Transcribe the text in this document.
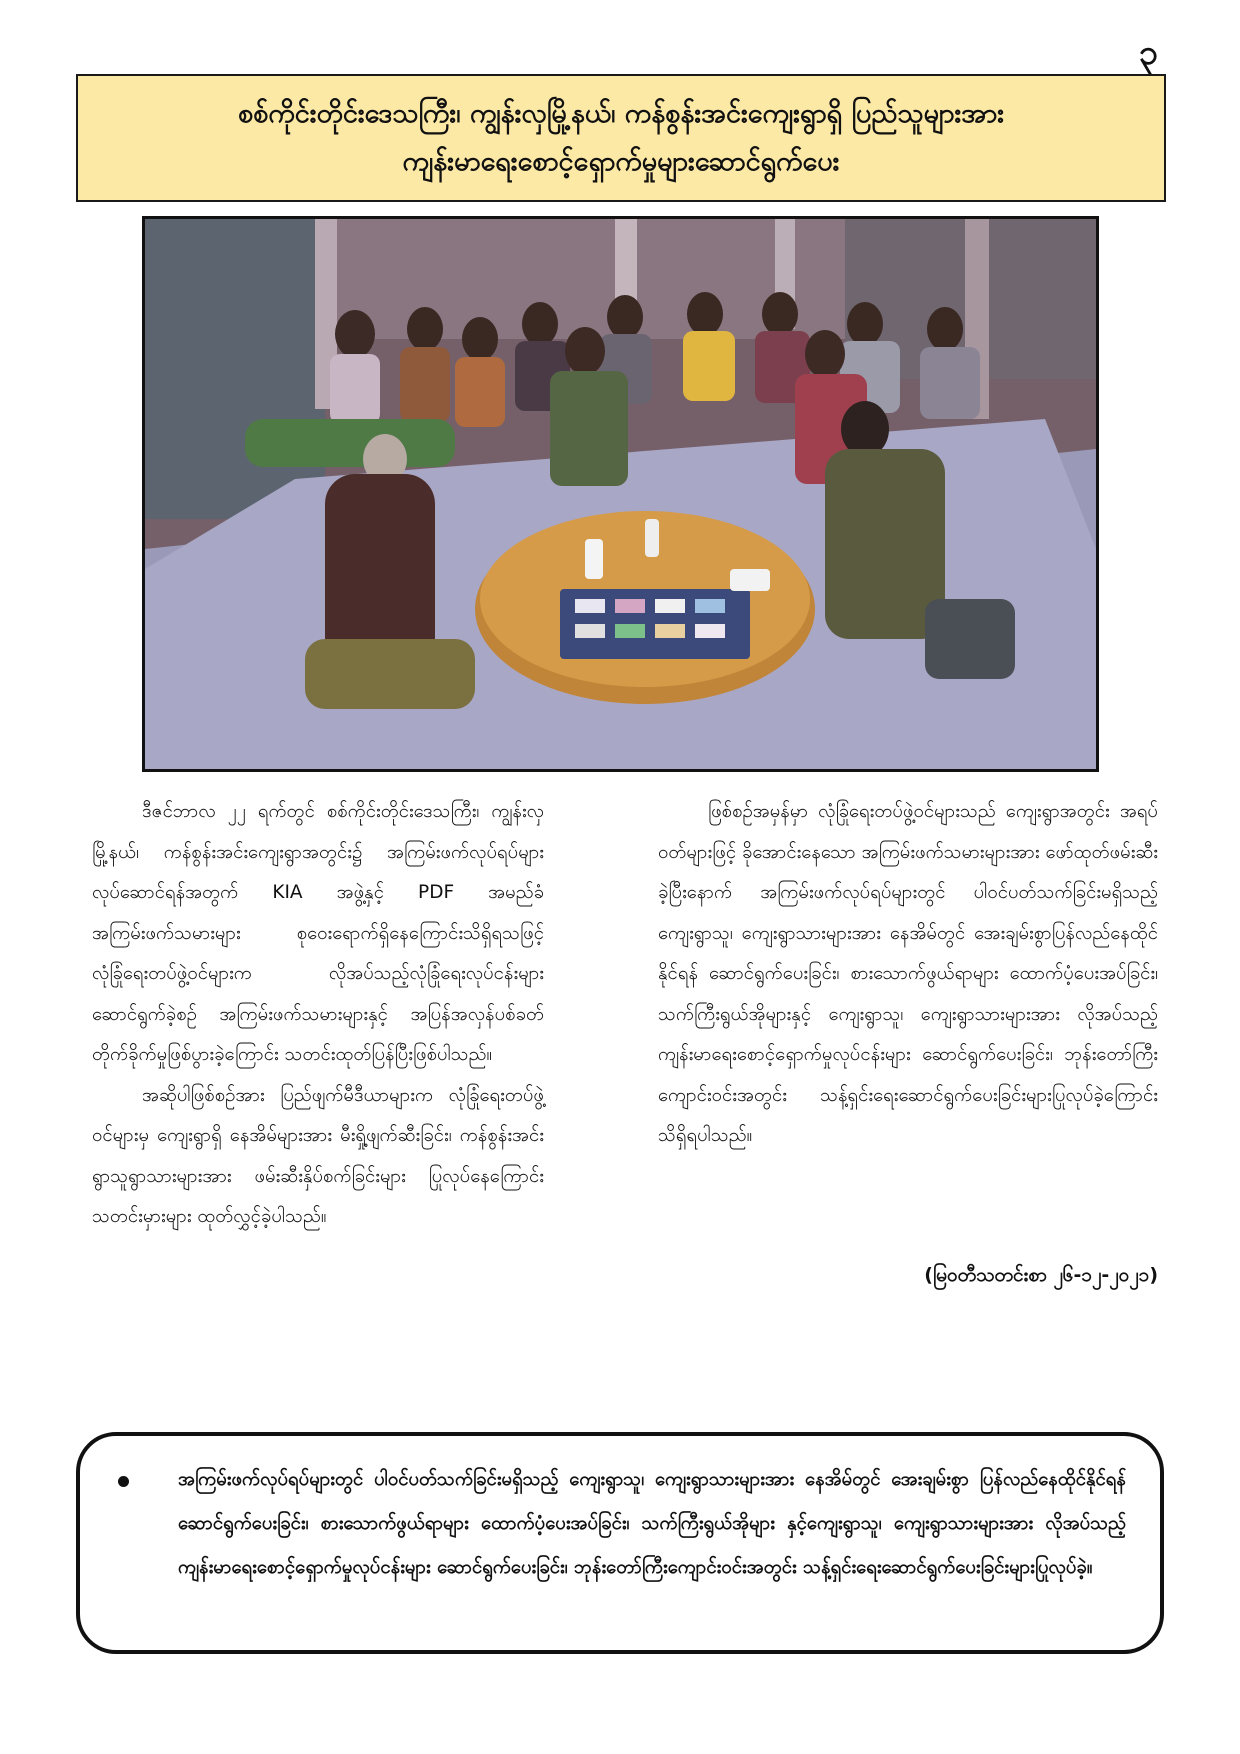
၃
စစ်ကိုင်းတိုင်းဒေသကြီး၊ ကျွန်းလှမြို့နယ်၊ ကန်စွန်းအင်းကျေးရွာရှိ ပြည်သူများအား
ကျန်းမာရေးစောင့်ရှောက်မှုများဆောင်ရွက်ပေး

ဒီဇင်ဘာလ ၂၂ ရက်တွင် စစ်ကိုင်းတိုင်းဒေသကြီး၊ ကျွန်းလှမြို့နယ်၊ ကန်စွန်းအင်းကျေးရွာအတွင်း၌ အကြမ်းဖက်လုပ်ရပ်များလုပ်ဆောင်ရန်အတွက် KIA အဖွဲ့နှင့် PDF အမည်ခံ အကြမ်းဖက်သမားများ စုဝေးရောက်ရှိနေကြောင်းသိရှိရသဖြင့် လုံခြုံရေးတပ်ဖွဲ့ဝင်များက လိုအပ်သည့်လုံခြုံရေးလုပ်ငန်းများ ဆောင်ရွက်ခဲ့စဉ် အကြမ်းဖက်သမားများနှင့် အပြန်အလှန်ပစ်ခတ်တိုက်ခိုက်မှုဖြစ်ပွားခဲ့ကြောင်း သတင်းထုတ်ပြန်ပြီးဖြစ်ပါသည်။

အဆိုပါဖြစ်စဉ်အား ပြည်ဖျက်မီဒီယာများက လုံခြုံရေးတပ်ဖွဲ့ဝင်များမှ ကျေးရွာရှိ နေအိမ်များအား မီးရှို့ဖျက်ဆီးခြင်း၊ ကန်စွန်းအင်း ရွာသူရွာသားများအား ဖမ်းဆီးနှိပ်စက်ခြင်းများ ပြုလုပ်နေကြောင်း သတင်းမှားများ ထုတ်လွှင့်ခဲ့ပါသည်။

ဖြစ်စဉ်အမှန်မှာ လုံခြုံရေးတပ်ဖွဲ့ဝင်များသည် ကျေးရွာအတွင်း အရပ်ဝတ်များဖြင့် ခိုအောင်းနေသော အကြမ်းဖက်သမားများအား ဖော်ထုတ်ဖမ်းဆီးခဲ့ပြီးနောက် အကြမ်းဖက်လုပ်ရပ်များတွင် ပါဝင်ပတ်သက်ခြင်းမရှိသည့် ကျေးရွာသူ၊ ကျေးရွာသားများအား နေအိမ်တွင် အေးချမ်းစွာပြန်လည်နေထိုင်နိုင်ရန် ဆောင်ရွက်ပေးခြင်း၊ စားသောက်ဖွယ်ရာများ ထောက်ပံ့ပေးအပ်ခြင်း၊ သက်ကြီးရွယ်အိုများနှင့် ကျေးရွာသူ၊ ကျေးရွာသားများအား လိုအပ်သည့် ကျန်းမာရေးစောင့်ရှောက်မှုလုပ်ငန်းများ ဆောင်ရွက်ပေးခြင်း၊ ဘုန်းတော်ကြီးကျောင်းဝင်းအတွင်း သန့်ရှင်းရေးဆောင်ရွက်ပေးခြင်းများပြုလုပ်ခဲ့ကြောင်း သိရှိရပါသည်။

(မြဝတီသတင်းစာ ၂၆-၁၂-၂၀၂၁)
အကြမ်းဖက်လုပ်ရပ်များတွင် ပါဝင်ပတ်သက်ခြင်းမရှိသည့် ကျေးရွာသူ၊ ကျေးရွာသားများအား နေအိမ်တွင် အေးချမ်းစွာ ပြန်လည်နေထိုင်နိုင်ရန် ဆောင်ရွက်ပေးခြင်း၊ စားသောက်ဖွယ်ရာများ ထောက်ပံ့ပေးအပ်ခြင်း၊ သက်ကြီးရွယ်အိုများ နှင့်ကျေးရွာသူ၊ ကျေးရွာသားများအား လိုအပ်သည့် ကျန်းမာရေးစောင့်ရှောက်မှုလုပ်ငန်းများ ဆောင်ရွက်ပေးခြင်း၊ ဘုန်းတော်ကြီးကျောင်းဝင်းအတွင်း သန့်ရှင်းရေးဆောင်ရွက်ပေးခြင်းများပြုလုပ်ခဲ့။
